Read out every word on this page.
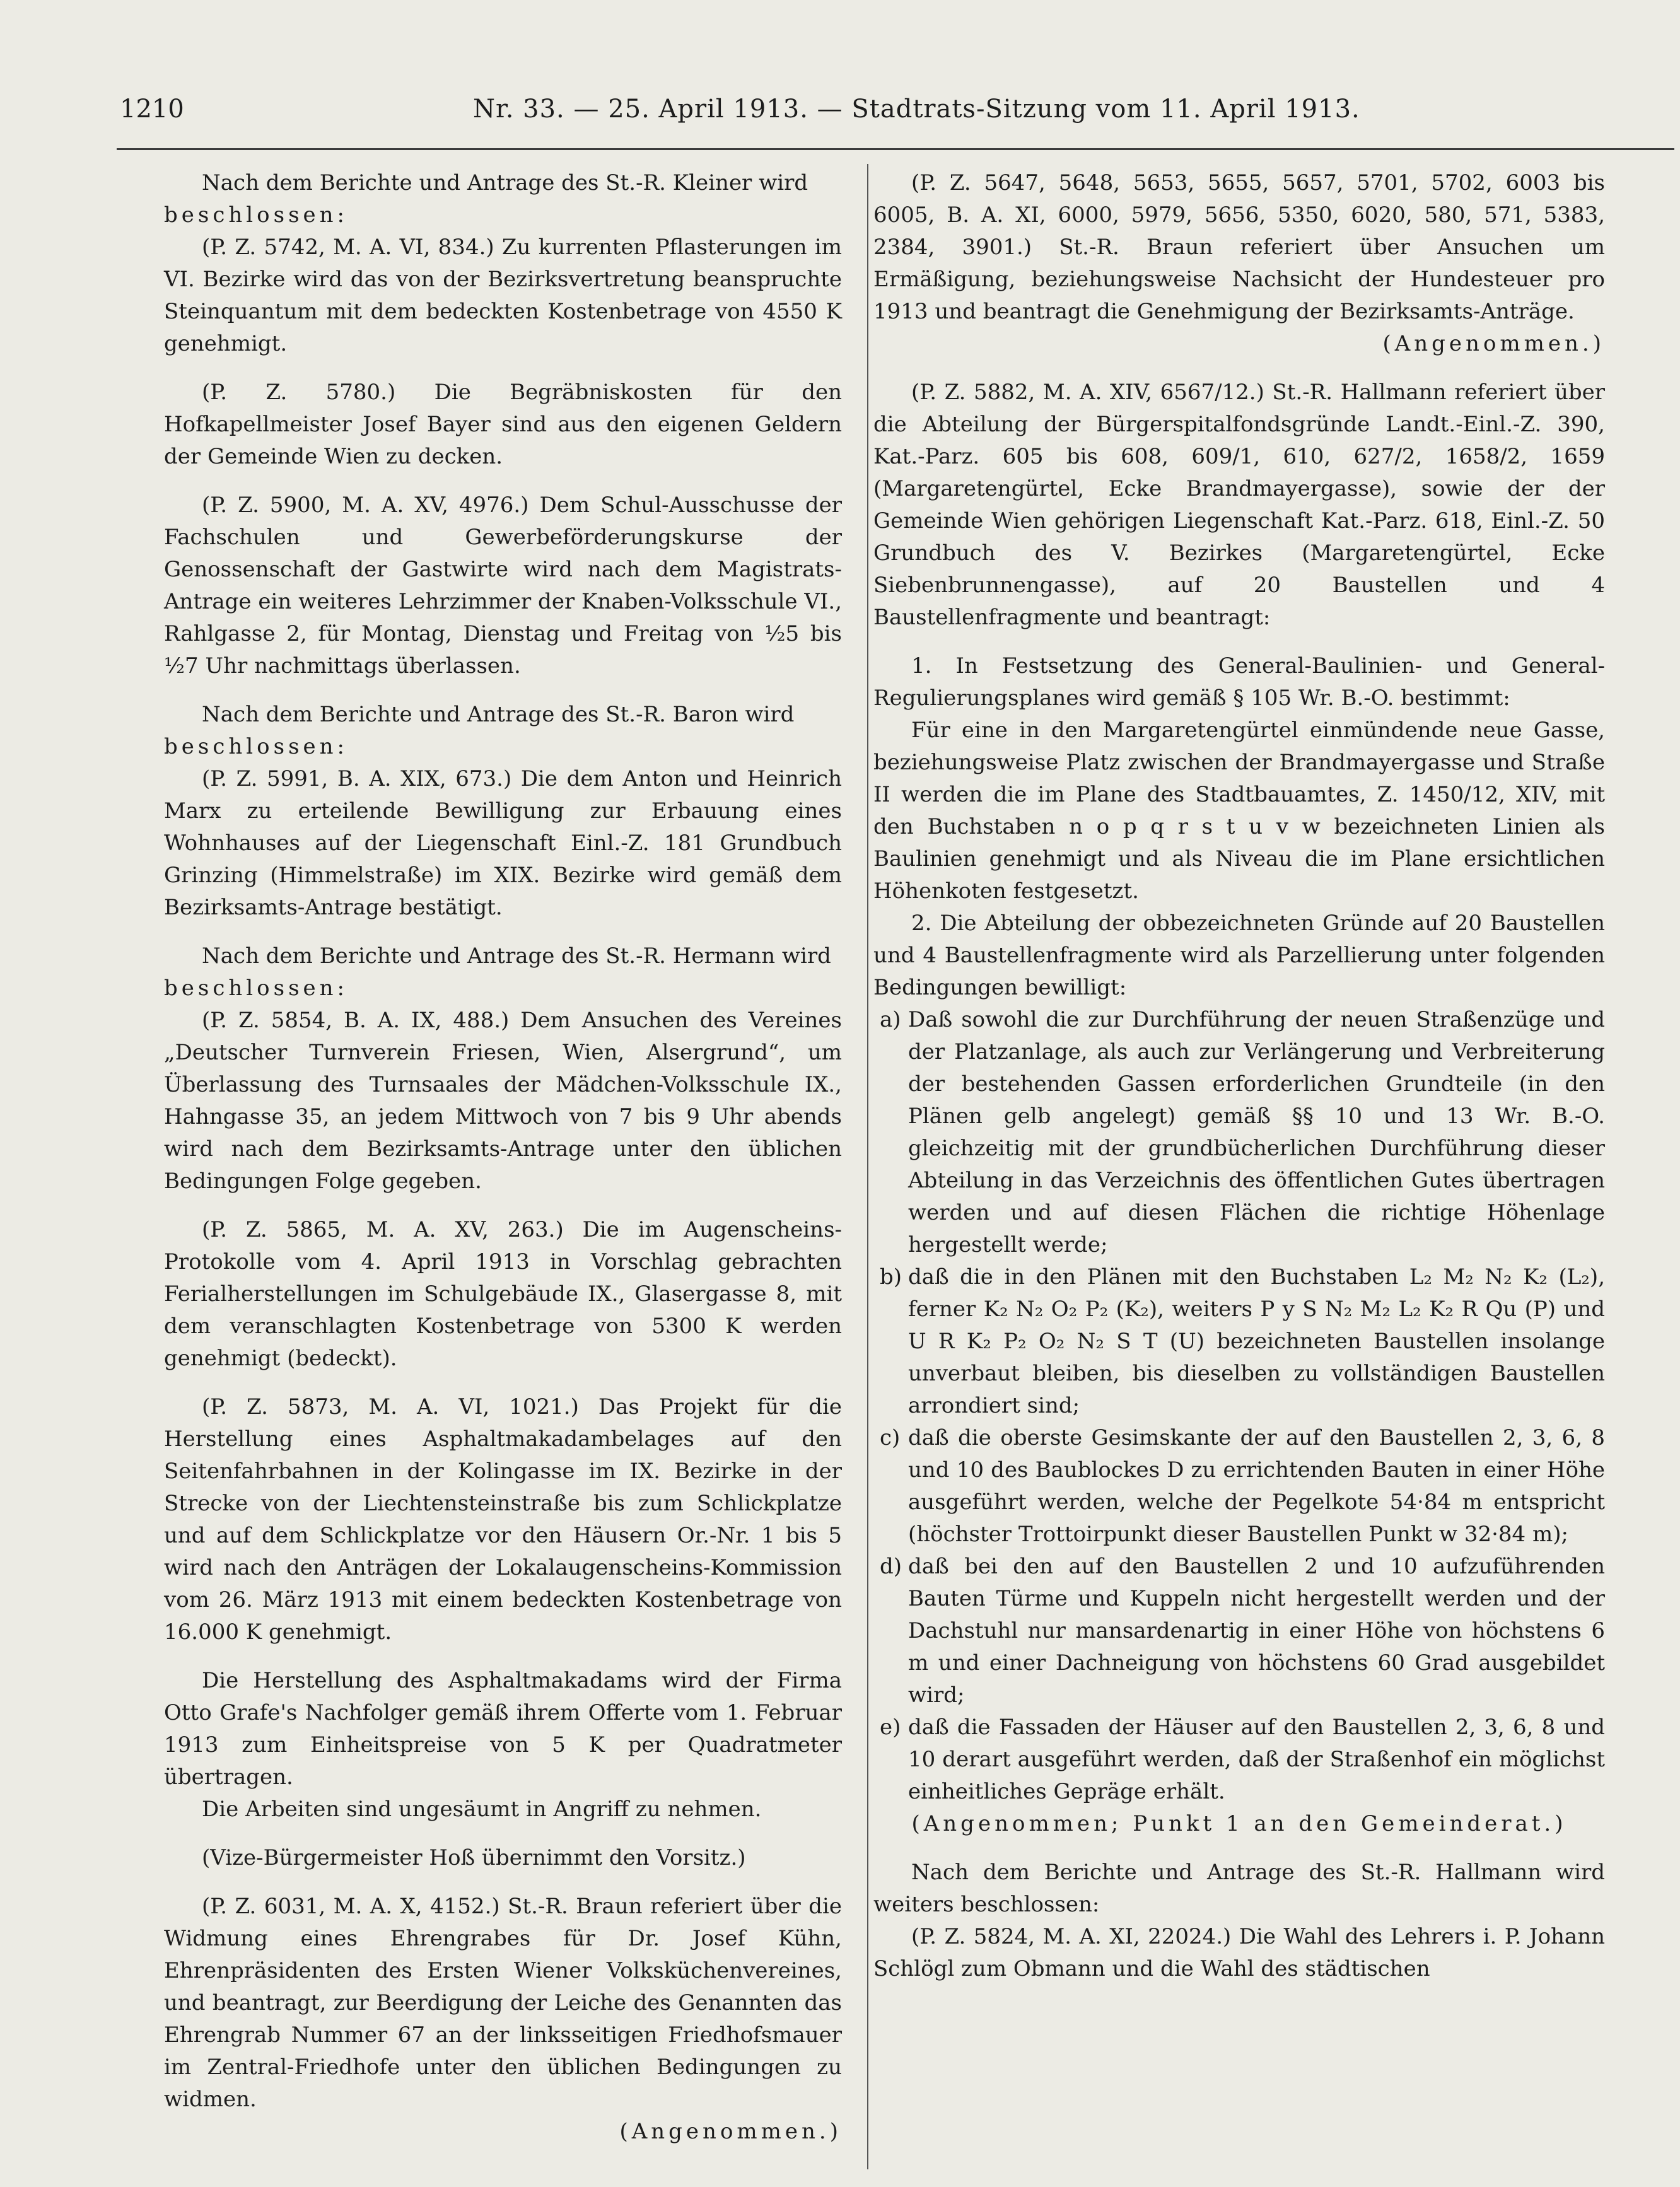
1210	Nr. 33. — 25. April 1913. — Stadtrats-Sitzung vom 11. April 1913.

Nach dem Berichte und Antrage des St.-R. Kleiner wird

beschlossen:

(P. Z. 5742, M. A. VI, 834.) Zu kurrenten Pflasterungen im VI. Bezirke wird das von der Bezirksvertretung beanspruchte Steinquantum mit dem bedeckten Kostenbetrage von 4550 K genehmigt.

(P. Z. 5780.) Die Begräbniskosten für den Hofkapellmeister Josef Bayer sind aus den eigenen Geldern der Gemeinde Wien zu decken.

(P. Z. 5900, M. A. XV, 4976.) Dem Schul-Ausschusse der Fachschulen und Gewerbeförderungskurse der Genossenschaft der Gastwirte wird nach dem Magistrats-Antrage ein weiteres Lehrzimmer der Knaben-Volksschule VI., Rahlgasse 2, für Montag, Dienstag und Freitag von ½5 bis ½7 Uhr nachmittags überlassen.

Nach dem Berichte und Antrage des St.-R. Baron wird

beschlossen:

(P. Z. 5991, B. A. XIX, 673.) Die dem Anton und Heinrich Marx zu erteilende Bewilligung zur Erbauung eines Wohnhauses auf der Liegenschaft Einl.-Z. 181 Grundbuch Grinzing (Himmelstraße) im XIX. Bezirke wird gemäß dem Bezirksamts-Antrage bestätigt.

Nach dem Berichte und Antrage des St.-R. Hermann wird

beschlossen:

(P. Z. 5854, B. A. IX, 488.) Dem Ansuchen des Vereines „Deutscher Turnverein Friesen, Wien, Alsergrund“, um Überlassung des Turnsaales der Mädchen-Volksschule IX., Hahngasse 35, an jedem Mittwoch von 7 bis 9 Uhr abends wird nach dem Bezirksamts-Antrage unter den üblichen Bedingungen Folge gegeben.

(P. Z. 5865, M. A. XV, 263.) Die im Augenscheins-Protokolle vom 4. April 1913 in Vorschlag gebrachten Ferialherstellungen im Schulgebäude IX., Glasergasse 8, mit dem veranschlagten Kostenbetrage von 5300 K werden genehmigt (bedeckt).

(P. Z. 5873, M. A. VI, 1021.) Das Projekt für die Herstellung eines Asphaltmakadambelages auf den Seitenfahrbahnen in der Kolingasse im IX. Bezirke in der Strecke von der Liechtensteinstraße bis zum Schlickplatze und auf dem Schlickplatze vor den Häusern Or.-Nr. 1 bis 5 wird nach den Anträgen der Lokalaugenscheins-Kommission vom 26. März 1913 mit einem bedeckten Kostenbetrage von 16.000 K genehmigt.

Die Herstellung des Asphaltmakadams wird der Firma Otto Grafe's Nachfolger gemäß ihrem Offerte vom 1. Februar 1913 zum Einheitspreise von 5 K per Quadratmeter übertragen.

Die Arbeiten sind ungesäumt in Angriff zu nehmen.

(Vize-Bürgermeister Hoß übernimmt den Vorsitz.)

(P. Z. 6031, M. A. X, 4152.) St.-R. Braun referiert über die Widmung eines Ehrengrabes für Dr. Josef Kühn, Ehrenpräsidenten des Ersten Wiener Volksküchenvereines, und beantragt, zur Beerdigung der Leiche des Genannten das Ehrengrab Nummer 67 an der linksseitigen Friedhofsmauer im Zentral-Friedhofe unter den üblichen Bedingungen zu widmen.

(Angenommen.)

(P. Z. 5647, 5648, 5653, 5655, 5657, 5701, 5702, 6003 bis 6005, B. A. XI, 6000, 5979, 5656, 5350, 6020, 580, 571, 5383, 2384, 3901.) St.-R. Braun referiert über Ansuchen um Ermäßigung, beziehungsweise Nachsicht der Hundesteuer pro 1913 und beantragt die Genehmigung der Bezirksamts-Anträge.

(Angenommen.)

(P. Z. 5882, M. A. XIV, 6567/12.) St.-R. Hallmann referiert über die Abteilung der Bürgerspitalfondsgründe Landt.-Einl.-Z. 390, Kat.-Parz. 605 bis 608, 609/1, 610, 627/2, 1658/2, 1659 (Margaretengürtel, Ecke Brandmayergasse), sowie der der Gemeinde Wien gehörigen Liegenschaft Kat.-Parz. 618, Einl.-Z. 50 Grundbuch des V. Bezirkes (Margaretengürtel, Ecke Siebenbrunnengasse), auf 20 Baustellen und 4 Baustellenfragmente und beantragt:

1. In Festsetzung des General-Baulinien- und General-Regulierungsplanes wird gemäß § 105 Wr. B.-O. bestimmt:

Für eine in den Margaretengürtel einmündende neue Gasse, beziehungsweise Platz zwischen der Brandmayergasse und Straße II werden die im Plane des Stadtbauamtes, Z. 1450/12, XIV, mit den Buchstaben n o p q r s t u v w bezeichneten Linien als Baulinien genehmigt und als Niveau die im Plane ersichtlichen Höhenkoten festgesetzt.

2. Die Abteilung der obbezeichneten Gründe auf 20 Baustellen und 4 Baustellenfragmente wird als Parzellierung unter folgenden Bedingungen bewilligt:

a) Daß sowohl die zur Durchführung der neuen Straßenzüge und der Platzanlage, als auch zur Verlängerung und Verbreiterung der bestehenden Gassen erforderlichen Grundteile (in den Plänen gelb angelegt) gemäß §§ 10 und 13 Wr. B.-O. gleichzeitig mit der grundbücherlichen Durchführung dieser Abteilung in das Verzeichnis des öffentlichen Gutes übertragen werden und auf diesen Flächen die richtige Höhenlage hergestellt werde;

b) daß die in den Plänen mit den Buchstaben L₂ M₂ N₂ K₂ (L₂), ferner K₂ N₂ O₂ P₂ (K₂), weiters P y S N₂ M₂ L₂ K₂ R Qu (P) und U R K₂ P₂ O₂ N₂ S T (U) bezeichneten Baustellen insolange unverbaut bleiben, bis dieselben zu vollständigen Baustellen arrondiert sind;

c) daß die oberste Gesimskante der auf den Baustellen 2, 3, 6, 8 und 10 des Baublockes D zu errichtenden Bauten in einer Höhe ausgeführt werden, welche der Pegelkote 54·84 m entspricht (höchster Trottoirpunkt dieser Baustellen Punkt w 32·84 m);

d) daß bei den auf den Baustellen 2 und 10 aufzuführenden Bauten Türme und Kuppeln nicht hergestellt werden und der Dachstuhl nur mansardenartig in einer Höhe von höchstens 6 m und einer Dachneigung von höchstens 60 Grad ausgebildet wird;

e) daß die Fassaden der Häuser auf den Baustellen 2, 3, 6, 8 und 10 derart ausgeführt werden, daß der Straßenhof ein möglichst einheitliches Gepräge erhält.

(Angenommen; Punkt 1 an den Gemeinderat.)

Nach dem Berichte und Antrage des St.-R. Hallmann wird weiters beschlossen:

(P. Z. 5824, M. A. XI, 22024.) Die Wahl des Lehrers i. P. Johann Schlögl zum Obmann und die Wahl des städtischen
